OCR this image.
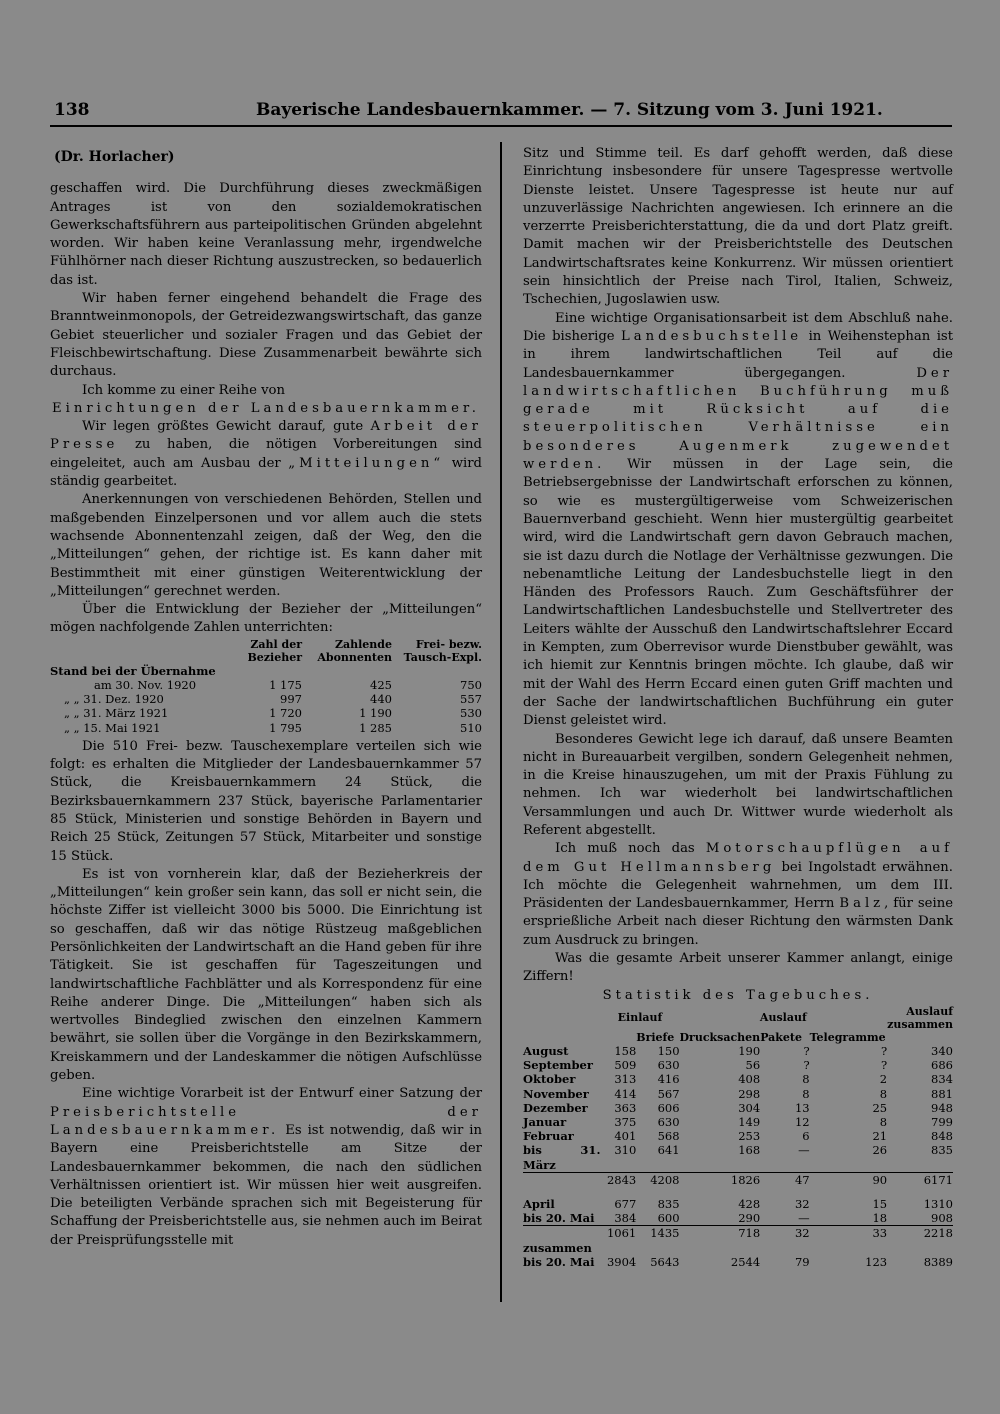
138	Bayerische Landesbauernkammer. — 7. Sitzung vom 3. Juni 1921.
(Dr. Horlacher)

geschaffen wird. Die Durchführung dieses zweckmäßigen Antrages ist von den sozialdemokratischen Gewerkschaftsführern aus parteipolitischen Gründen abgelehnt worden. Wir haben keine Veranlassung mehr, irgendwelche Fühlhörner nach dieser Richtung auszustrecken, so bedauerlich das ist.

Wir haben ferner eingehend behandelt die Frage des Branntweinmonopols, der Getreidezwangswirtschaft, das ganze Gebiet steuerlicher und sozialer Fragen und das Gebiet der Fleischbewirtschaftung. Diese Zusammenarbeit bewährte sich durchaus.

Ich komme zu einer Reihe von

Einrichtungen der Landesbauernkammer.

Wir legen größtes Gewicht darauf, gute Arbeit der Presse zu haben, die nötigen Vorbereitungen sind eingeleitet, auch am Ausbau der „Mitteilungen“ wird ständig gearbeitet.

Anerkennungen von verschiedenen Behörden, Stellen und maßgebenden Einzelpersonen und vor allem auch die stets wachsende Abonnentenzahl zeigen, daß der Weg, den die „Mitteilungen“ gehen, der richtige ist. Es kann daher mit Bestimmtheit mit einer günstigen Weiterentwicklung der „Mitteilungen“ gerechnet werden.

Über die Entwicklung der Bezieher der „Mitteilungen“ mögen nachfolgende Zahlen unterrichten:

	Zahl der Bezieher	Zahlende Abonnenten	Frei- bezw. Tausch-Expl.
Stand bei der Übernahme			
am 30. Nov. 1920	1 175	425	750
„ „ 31. Dez. 1920	997	440	557
„ „ 31. März 1921	1 720	1 190	530
„ „ 15. Mai 1921	1 795	1 285	510

Die 510 Frei- bezw. Tauschexemplare verteilen sich wie folgt: es erhalten die Mitglieder der Landesbauernkammer 57 Stück, die Kreisbauernkammern 24 Stück, die Bezirksbauernkammern 237 Stück, bayerische Parlamentarier 85 Stück, Ministerien und sonstige Behörden in Bayern und Reich 25 Stück, Zeitungen 57 Stück, Mitarbeiter und sonstige 15 Stück.

Es ist von vornherein klar, daß der Bezieherkreis der „Mitteilungen“ kein großer sein kann, das soll er nicht sein, die höchste Ziffer ist vielleicht 3000 bis 5000. Die Einrichtung ist so geschaffen, daß wir das nötige Rüstzeug maßgeblichen Persönlichkeiten der Landwirtschaft an die Hand geben für ihre Tätigkeit. Sie ist geschaffen für Tageszeitungen und landwirtschaftliche Fachblätter und als Korrespondenz für eine Reihe anderer Dinge. Die „Mitteilungen“ haben sich als wertvolles Bindeglied zwischen den einzelnen Kammern bewährt, sie sollen über die Vorgänge in den Bezirkskammern, Kreiskammern und der Landeskammer die nötigen Aufschlüsse geben.

Eine wichtige Vorarbeit ist der Entwurf einer Satzung der Preisberichtstelle der Landesbauernkammer. Es ist notwendig, daß wir in Bayern eine Preisberichtstelle am Sitze der Landesbauernkammer bekommen, die nach den südlichen Verhältnissen orientiert ist. Wir müssen hier weit ausgreifen. Die beteiligten Verbände sprachen sich mit Begeisterung für Schaffung der Preisberichtstelle aus, sie nehmen auch im Beirat der Preisprüfungsstelle mit

Sitz und Stimme teil. Es darf gehofft werden, daß diese Einrichtung insbesondere für unsere Tagespresse wertvolle Dienste leistet. Unsere Tagespresse ist heute nur auf unzuverlässige Nachrichten angewiesen. Ich erinnere an die verzerrte Preisberichterstattung, die da und dort Platz greift. Damit machen wir der Preisberichtstelle des Deutschen Landwirtschaftsrates keine Konkurrenz. Wir müssen orientiert sein hinsichtlich der Preise nach Tirol, Italien, Schweiz, Tschechien, Jugoslawien usw.

Eine wichtige Organisationsarbeit ist dem Abschluß nahe. Die bisherige Landesbuchstelle in Weihenstephan ist in ihrem landwirtschaftlichen Teil auf die Landesbauernkammer übergegangen. Der landwirtschaftlichen Buchführung muß gerade mit Rücksicht auf die steuerpolitischen Verhältnisse ein besonderes Augenmerk zugewendet werden. Wir müssen in der Lage sein, die Betriebsergebnisse der Landwirtschaft erforschen zu können, so wie es mustergültigerweise vom Schweizerischen Bauernverband geschieht. Wenn hier mustergültig gearbeitet wird, wird die Landwirtschaft gern davon Gebrauch machen, sie ist dazu durch die Notlage der Verhältnisse gezwungen. Die nebenamtliche Leitung der Landesbuchstelle liegt in den Händen des Professors Rauch. Zum Geschäftsführer der Landwirtschaftlichen Landesbuchstelle und Stellvertreter des Leiters wählte der Ausschuß den Landwirtschaftslehrer Eccard in Kempten, zum Oberrevisor wurde Dienstbuber gewählt, was ich hiemit zur Kenntnis bringen möchte. Ich glaube, daß wir mit der Wahl des Herrn Eccard einen guten Griff machten und der Sache der landwirtschaftlichen Buchführung ein guter Dienst geleistet wird.

Besonderes Gewicht lege ich darauf, daß unsere Beamten nicht in Bureauarbeit vergilben, sondern Gelegenheit nehmen, in die Kreise hinauszugehen, um mit der Praxis Fühlung zu nehmen. Ich war wiederholt bei landwirtschaftlichen Versammlungen und auch Dr. Wittwer wurde wiederholt als Referent abgestellt.

Ich muß noch das Motorschaupflügen auf dem Gut Hellmannsberg bei Ingolstadt erwähnen. Ich möchte die Gelegenheit wahrnehmen, um dem III. Präsidenten der Landesbauernkammer, Herrn Balz, für seine ersprießliche Arbeit nach dieser Richtung den wärmsten Dank zum Ausdruck zu bringen.

Was die gesamte Arbeit unserer Kammer anlangt, einige Ziffern!

Statistik des Tagebuches.

	Einlauf		Auslauf			Auslauf zusammen
		Briefe	Drucksachen	Pakete	Telegramme	
August	158	150	190	?	?	340
September	509	630	56	?	?	686
Oktober	313	416	408	8	2	834
November	414	567	298	8	8	881
Dezember	363	606	304	13	25	948
Januar	375	630	149	12	8	799
Februar	401	568	253	6	21	848
bis 31. März	310	641	168	—	26	835
	2843	4208	1826	47	90	6171

April	677	835	428	32	15	1310
bis 20. Mai	384	600	290	—	18	908
	1061	1435	718	32	33	2218
zusammen						
bis 20. Mai	3904	5643	2544	79	123	8389
